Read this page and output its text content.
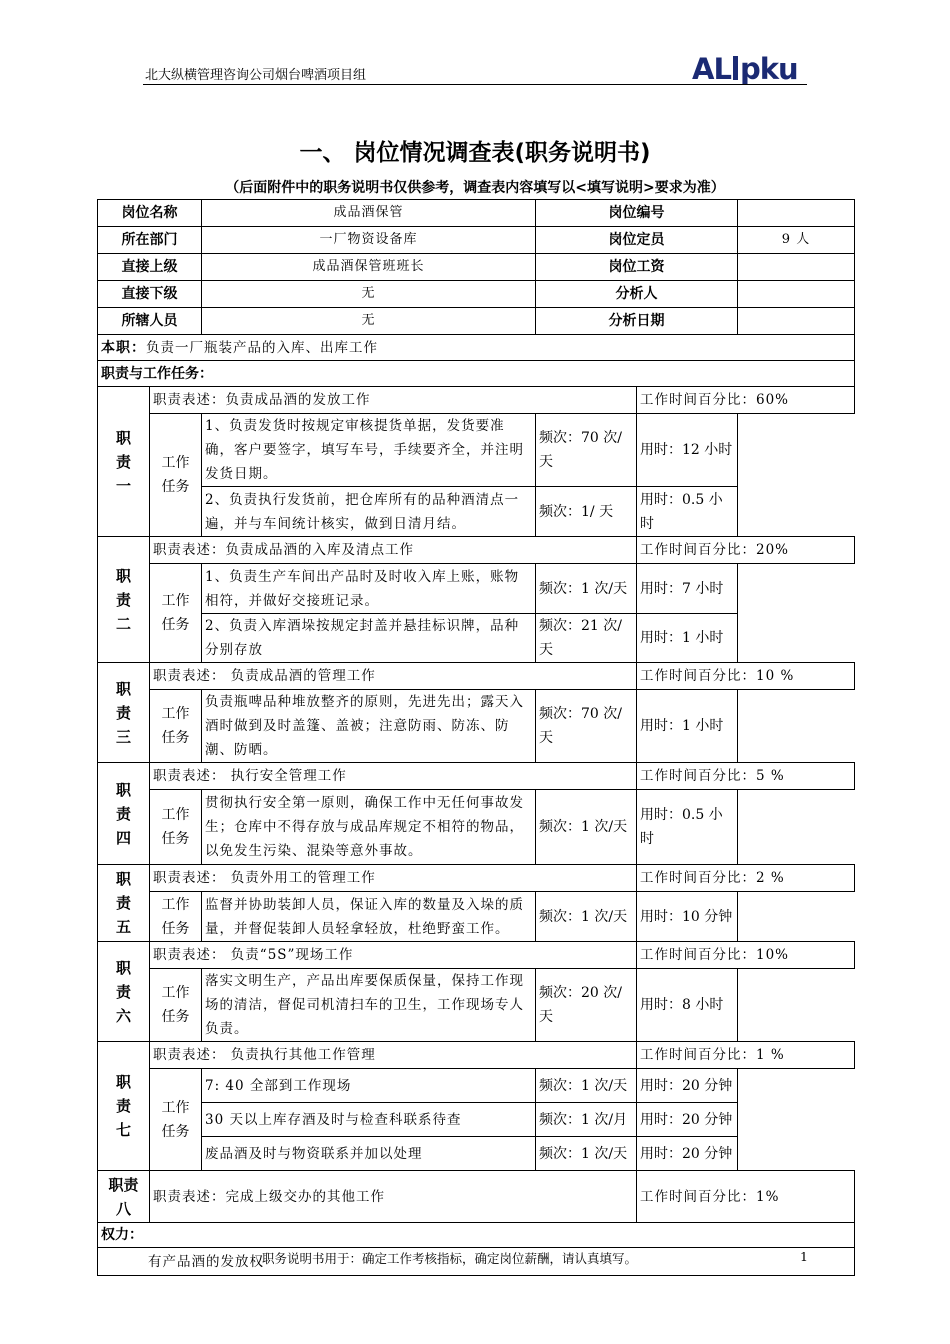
北大纵横管理咨询公司烟台啤酒项目组	AL pku
一、 岗位情况调查表(职务说明书)
（后面附件中的职务说明书仅供参考，调查表内容填写以<填写说明>要求为准）
岗位名称		成品酒保管	岗位编号		
所在部门		一厂物资设备库	岗位定员		9 人
直接上级		成品酒保管班班长	岗位工资		
直接下级		无	分析人		
所辖人员		无	分析日期		
本职：负责一厂瓶装产品的入库、出库工作					
职责与工作任务：					

职
责
一	职责表述：负责成品酒的发放工作			工作时间百分比：60%	

	工作
任务	1、负责发货时按规定审核提货单据，发货要准确，客户要签字，填写车号，手续要齐全，并注明发货日期。	频次：70 次/天	用时：12 小时	
		2、负责执行发货前，把仓库所有的品种酒清点一遍，并与车间统计核实，做到日清月结。	频次：1/ 天	用时：0.5 小时	

职
责
二	职责表述：负责成品酒的入库及清点工作			工作时间百分比：20%	

	工作
任务	1、负责生产车间出产品时及时收入库上账，账物相符，并做好交接班记录。	频次：1 次/天	用时：7 小时	
		2、负责入库酒垛按规定封盖并悬挂标识牌，品种分别存放	频次：21 次/天	用时：1 小时	

职
责
三	职责表述： 负责成品酒的管理工作			工作时间百分比：10 %	

	工作
任务	负责瓶啤品种堆放整齐的原则，先进先出；露天入酒时做到及时盖篷、盖被；注意防雨、防冻、防潮、防晒。	频次：70 次/天	用时：1 小时	

职
责
四	职责表述： 执行安全管理工作			工作时间百分比：5 %	

	工作
任务	贯彻执行安全第一原则，确保工作中无任何事故发生；仓库中不得存放与成品库规定不相符的物品，以免发生污染、混染等意外事故。	频次：1 次/天	用时：0.5 小时	

职
责
五	职责表述： 负责外用工的管理工作			工作时间百分比：2 %	

	工作
任务	监督并协助装卸人员，保证入库的数量及入垛的质量，并督促装卸人员轻拿轻放，杜绝野蛮工作。	频次：1 次/天	用时：10 分钟	

职
责
六	职责表述： 负责“5S”现场工作			工作时间百分比：10%	

	工作
任务	落实文明生产，产品出库要保质保量，保持工作现场的清洁，督促司机清扫车的卫生，工作现场专人负责。	频次：20 次/天	用时：8 小时	

职
责
七	职责表述： 负责执行其他工作管理			工作时间百分比：1 %	

	工作
任务	7: 40 全部到工作现场	频次：1 次/天	用时：20 分钟	
		30 天以上库存酒及时与检查科联系待查	频次：1 次/月	用时：20 分钟	
		废品酒及时与物资联系并加以处理	频次：1 次/天	用时：20 分钟	

职责
八	职责表述：完成上级交办的其他工作			工作时间百分比：1%	
权力：					
有产品酒的发放权					
职务说明书用于：确定工作考核指标，确定岗位薪酬，请认真填写。	1
